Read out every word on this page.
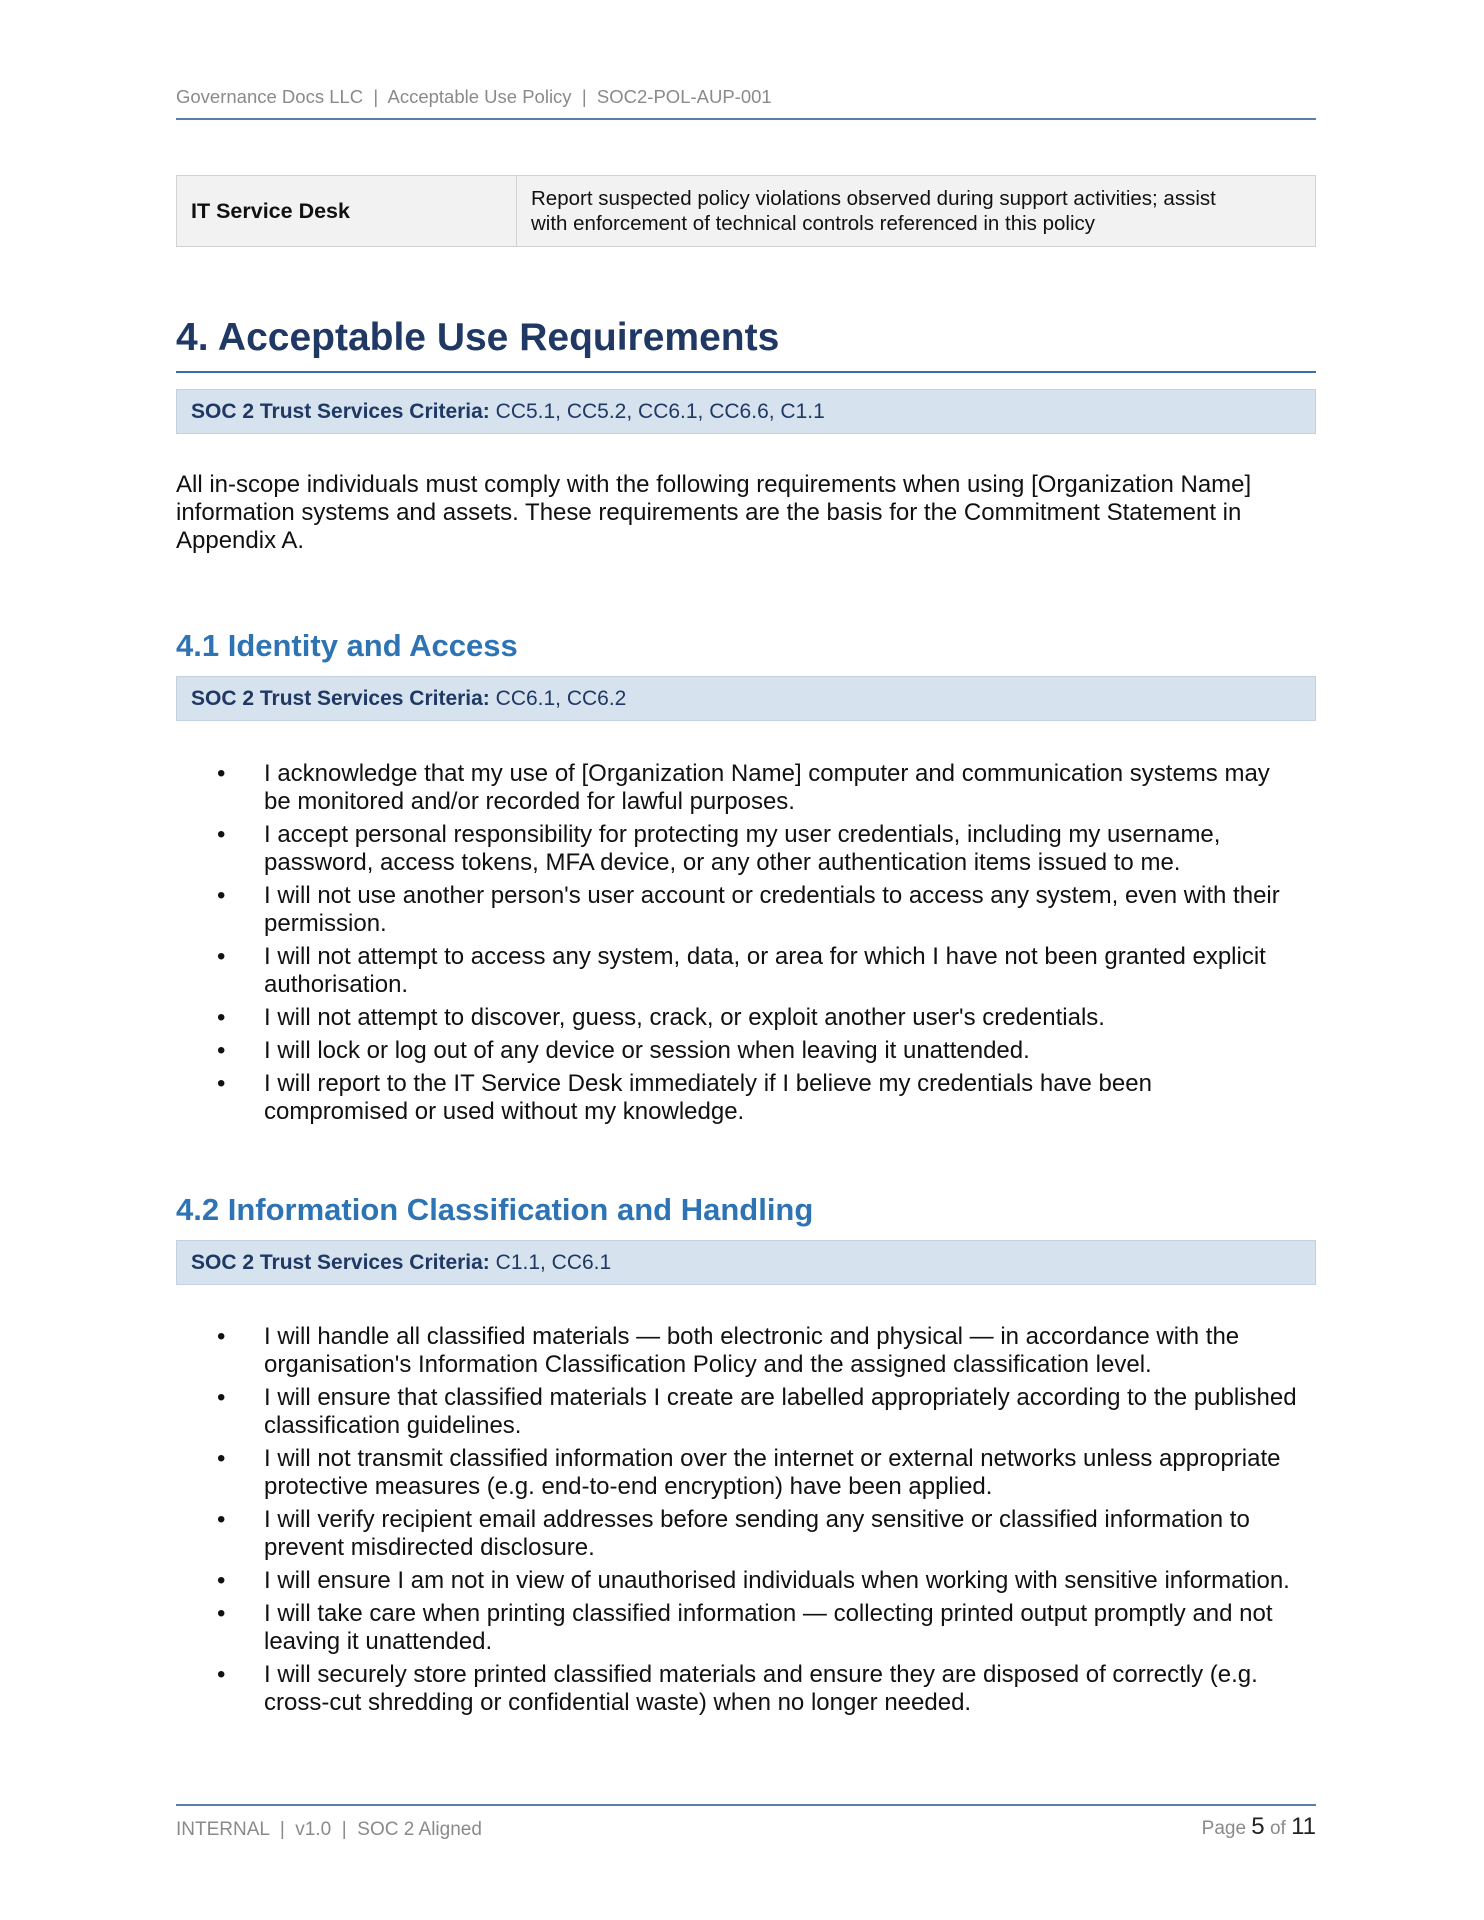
Governance Docs LLC  |  Acceptable Use Policy  |  SOC2-POL-AUP-001
IT Service Desk	Report suspected policy violations observed during support activities; assist
with enforcement of technical controls referenced in this policy
4. Acceptable Use Requirements
SOC 2 Trust Services Criteria: CC5.1, CC5.2, CC6.1, CC6.6, C1.1
All in-scope individuals must comply with the following requirements when using [Organization Name]
information systems and assets. These requirements are the basis for the Commitment Statement in
Appendix A.
4.1 Identity and Access
SOC 2 Trust Services Criteria: CC6.1, CC6.2
• I acknowledge that my use of [Organization Name] computer and communication systems may
be monitored and/or recorded for lawful purposes.
• I accept personal responsibility for protecting my user credentials, including my username,
password, access tokens, MFA device, or any other authentication items issued to me.
• I will not use another person's user account or credentials to access any system, even with their
permission.
• I will not attempt to access any system, data, or area for which I have not been granted explicit
authorisation.
• I will not attempt to discover, guess, crack, or exploit another user's credentials.
• I will lock or log out of any device or session when leaving it unattended.
• I will report to the IT Service Desk immediately if I believe my credentials have been
compromised or used without my knowledge.
4.2 Information Classification and Handling
SOC 2 Trust Services Criteria: C1.1, CC6.1
• I will handle all classified materials — both electronic and physical — in accordance with the
organisation's Information Classification Policy and the assigned classification level.
• I will ensure that classified materials I create are labelled appropriately according to the published
classification guidelines.
• I will not transmit classified information over the internet or external networks unless appropriate
protective measures (e.g. end-to-end encryption) have been applied.
• I will verify recipient email addresses before sending any sensitive or classified information to
prevent misdirected disclosure.
• I will ensure I am not in view of unauthorised individuals when working with sensitive information.
• I will take care when printing classified information — collecting printed output promptly and not
leaving it unattended.
• I will securely store printed classified materials and ensure they are disposed of correctly (e.g.
cross-cut shredding or confidential waste) when no longer needed.
INTERNAL  |  v1.0  |  SOC 2 Aligned	Page 5 of 11
